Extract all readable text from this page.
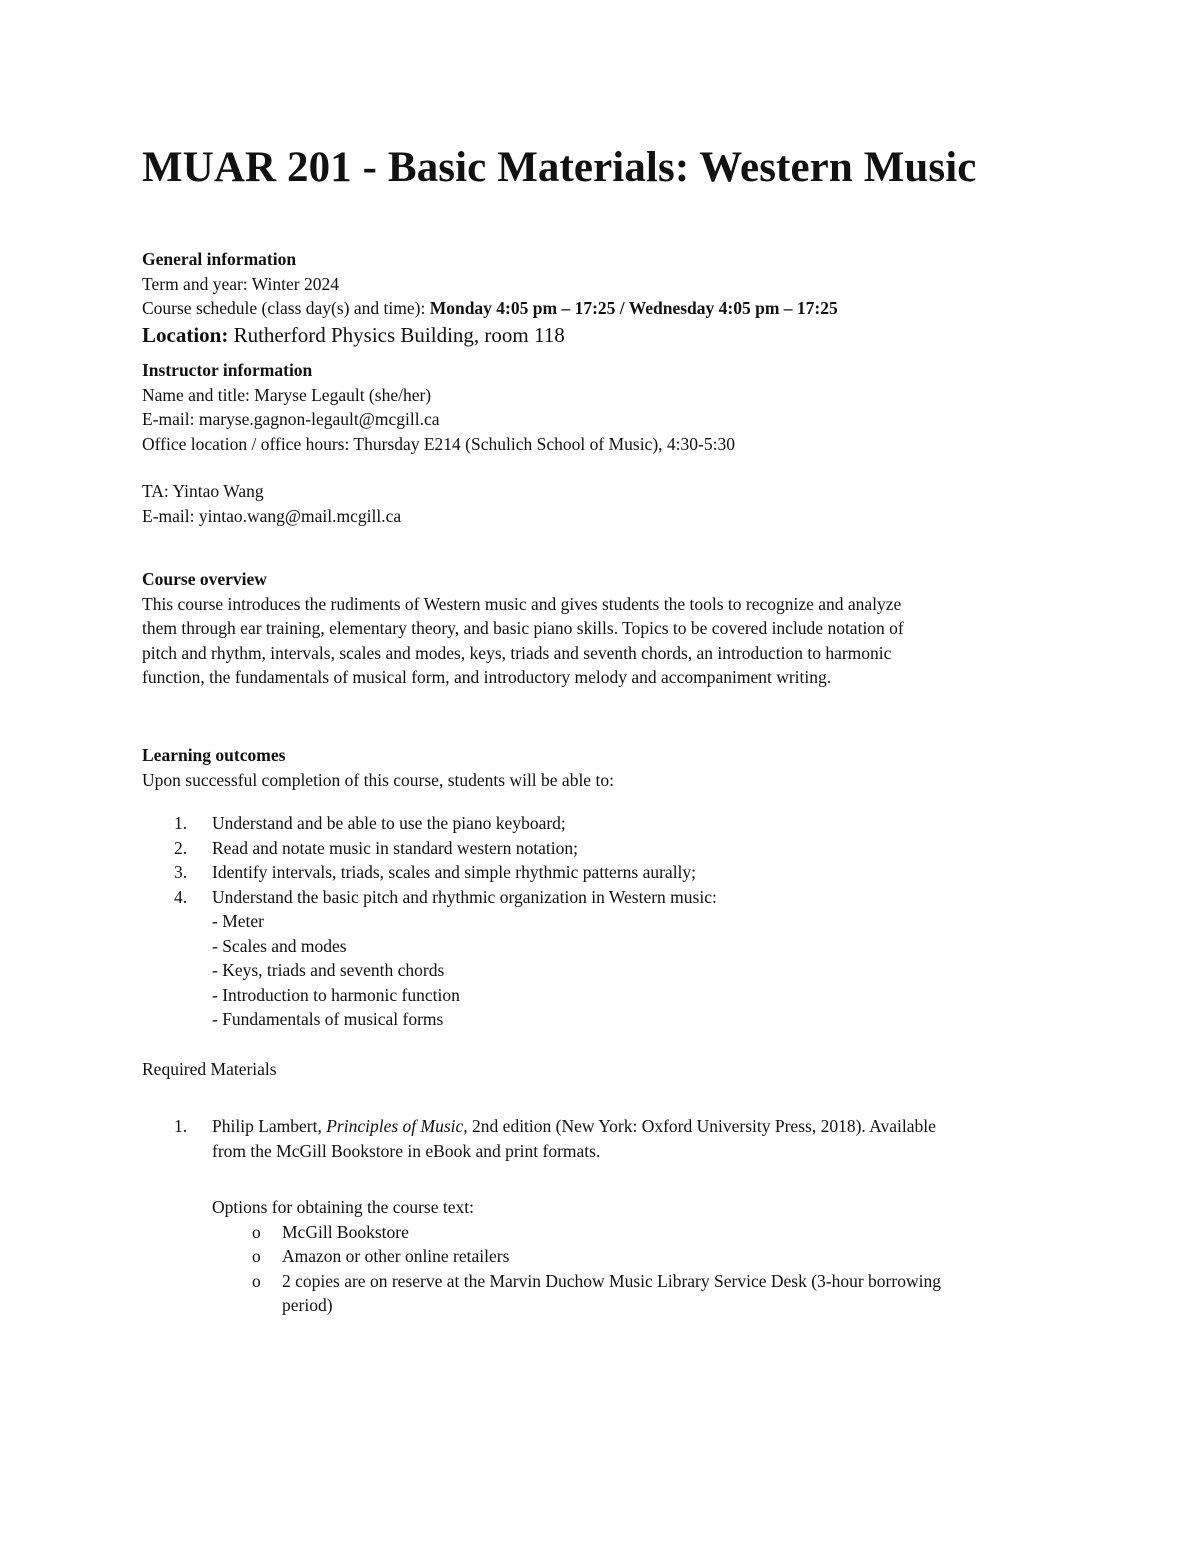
MUAR 201 - Basic Materials: Western Music
General information
Term and year: Winter 2024
Course schedule (class day(s) and time): Monday 4:05 pm – 17:25 / Wednesday 4:05 pm – 17:25
Location: Rutherford Physics Building, room 118
Instructor information
Name and title: Maryse Legault (she/her)
E-mail: maryse.gagnon-legault@mcgill.ca
Office location / office hours: Thursday E214 (Schulich School of Music), 4:30-5:30
TA: Yintao Wang
E-mail: yintao.wang@mail.mcgill.ca
Course overview
This course introduces the rudiments of Western music and gives students the tools to recognize and analyze
them through ear training, elementary theory, and basic piano skills. Topics to be covered include notation of
pitch and rhythm, intervals, scales and modes, keys, triads and seventh chords, an introduction to harmonic
function, the fundamentals of musical form, and introductory melody and accompaniment writing.
Learning outcomes
Upon successful completion of this course, students will be able to:
1. Understand and be able to use the piano keyboard;
2. Read and notate music in standard western notation;
3. Identify intervals, triads, scales and simple rhythmic patterns aurally;
4. Understand the basic pitch and rhythmic organization in Western music:
- Meter
- Scales and modes
- Keys, triads and seventh chords
- Introduction to harmonic function
- Fundamentals of musical forms
Required Materials
1. Philip Lambert, Principles of Music, 2nd edition (New York: Oxford University Press, 2018). Available
from the McGill Bookstore in eBook and print formats.
Options for obtaining the course text:
o McGill Bookstore
o Amazon or other online retailers
o 2 copies are on reserve at the Marvin Duchow Music Library Service Desk (3-hour borrowing period)
